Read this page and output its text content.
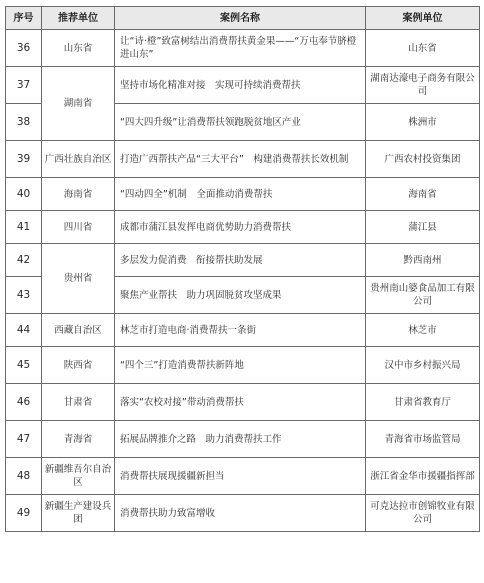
序号	推荐单位	案例名称	案例单位
36	山东省	让“诗·橙”致富树结出消费帮扶黄金果——“万屯奉节脐橙进山东”	山东省
37	湖南省	坚持市场化精准对接　实现可持续消费帮扶	湖南达濠电子商务有限公司
38		“四大四升级”让消费帮扶领跑脱贫地区产业	株洲市
39	广西壮族自治区	打造广西帮扶产品“三大平台”　构建消费帮扶长效机制	广西农村投资集团
40	海南省	“四动四全”机制　全面推动消费帮扶	海南省
41	四川省	成都市蒲江县发挥电商优势助力消费帮扶	蒲江县
42	贵州省	多层发力促消费　衔接帮扶助发展	黔西南州
43		聚焦产业帮扶　助力巩固脱贫攻坚成果	贵州南山婆食品加工有限公司
44	西藏自治区	林芝市打造电商·消费帮扶一条街	林芝市
45	陕西省	“四个三”打造消费帮扶新阵地	汉中市乡村振兴局
46	甘肃省	落实“农校对接”带动消费帮扶	甘肃省教育厅
47	青海省	拓展品牌推介之路　助力消费帮扶工作	青海省市场监管局
48	新疆维吾尔自治区	消费帮扶展现援疆新担当	浙江省金华市援疆指挥部
49	新疆生产建设兵团	消费帮扶助力致富增收	可克达拉市创锦牧业有限公司
